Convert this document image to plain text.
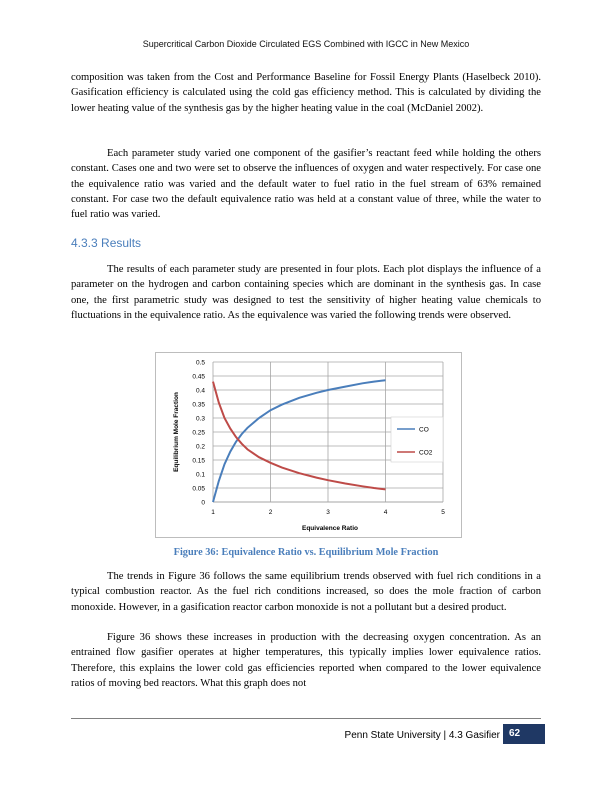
Supercritical Carbon Dioxide Circulated EGS Combined with IGCC in New Mexico

composition was taken from the Cost and Performance Baseline for Fossil Energy Plants (Haselbeck 2010). Gasification efficiency is calculated using the cold gas efficiency method. This is calculated by dividing the lower heating value of the synthesis gas by the higher heating value in the coal (McDaniel 2002).

Each parameter study varied one component of the gasifier’s reactant feed while holding the others constant. Cases one and two were set to observe the influences of oxygen and water respectively. For case one the equivalence ratio was varied and the default water to fuel ratio in the fuel stream of 63% remained constant. For case two the default equivalence ratio was held at a constant value of three, while the water to fuel ratio was varied.

4.3.3 Results

The results of each parameter study are presented in four plots. Each plot displays the influence of a parameter on the hydrogen and carbon containing species which are dominant in the synthesis gas. In case one, the first parametric study was designed to test the sensitivity of higher heating value chemicals to fluctuations in the equivalence ratio. As the equivalence was varied the following trends were observed.

0
0.05
0.1
0.15
0.2
0.25
0.3
0.35
0.4
0.45
0.5
1	2	3	4	5
Equivalence Ratio
Equilibrium Mole Fraction	CO
CO2

Figure 36: Equivalence Ratio vs. Equilibrium Mole Fraction

The trends in Figure 36 follows the same equilibrium trends observed with fuel rich conditions in a typical combustion reactor. As the fuel rich conditions increased, so does the mole fraction of carbon monoxide. However, in a gasification reactor carbon monoxide is not a pollutant but a desired product.

Figure 36 shows these increases in production with the decreasing oxygen concentration. As an entrained flow gasifier operates at higher temperatures, this typically implies lower equivalence ratios. Therefore, this explains the lower cold gas efficiencies reported when compared to the lower equivalence ratios of moving bed reactors. What this graph does not

Penn State University | 4.3 Gasifier 62
